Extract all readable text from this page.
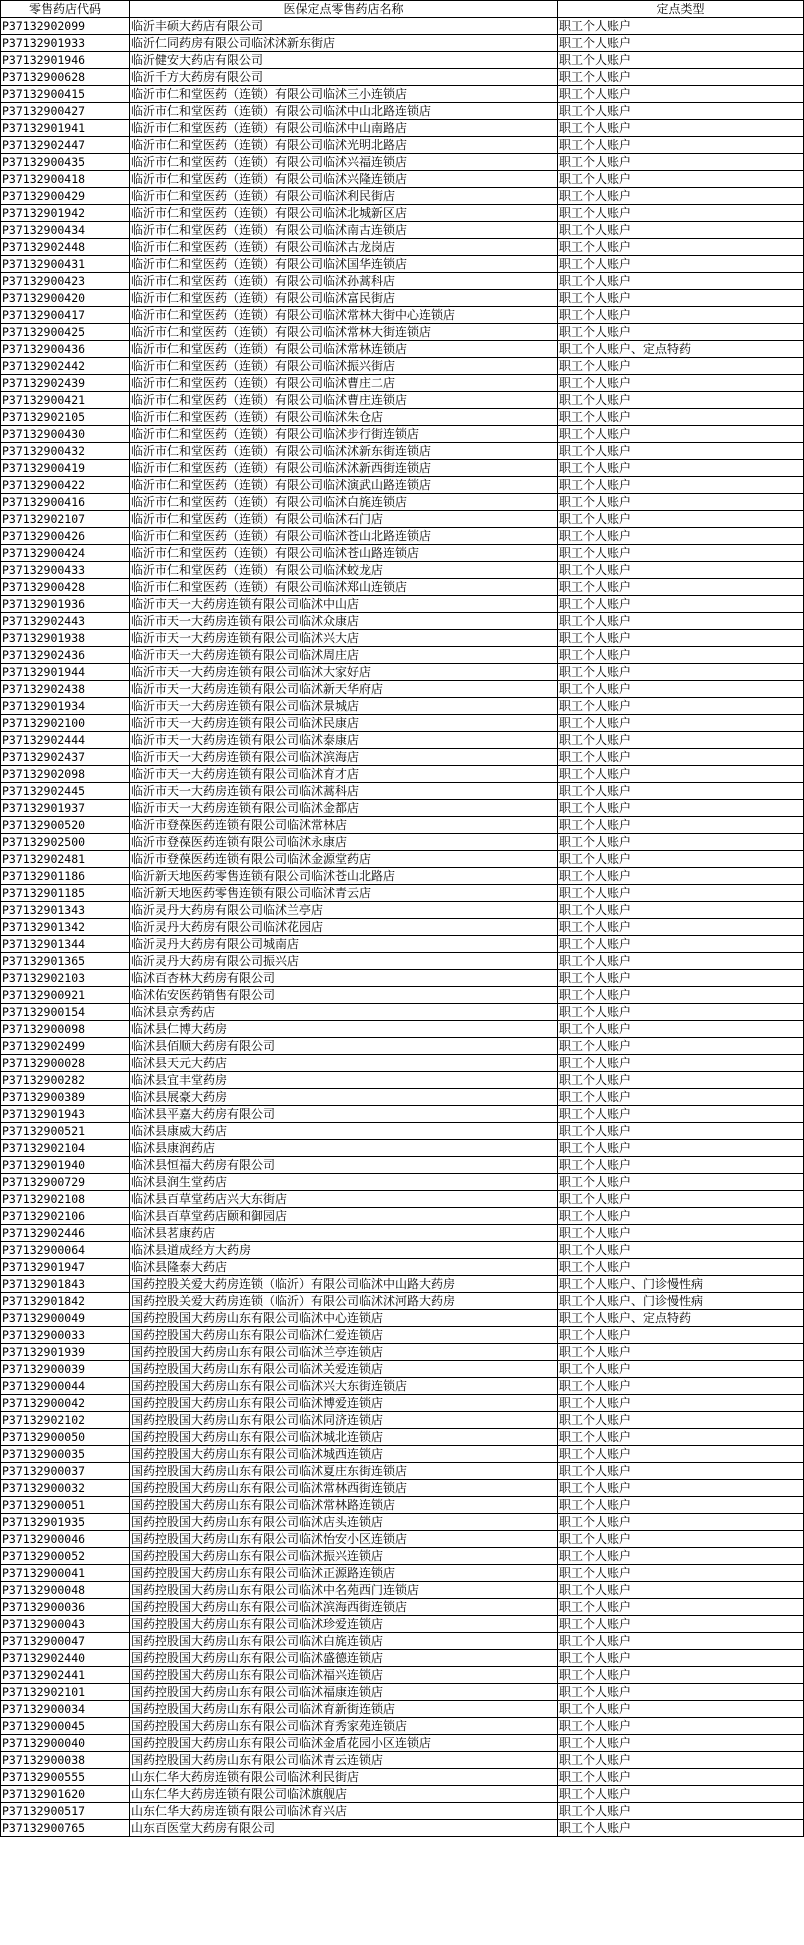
零售药店代码	医保定点零售药店名称	定点类型
P37132902099	临沂丰硕大药店有限公司	职工个人账户
P37132901933	临沂仁同药房有限公司临沭沭新东街店	职工个人账户
P37132901946	临沂健安大药店有限公司	职工个人账户
P37132900628	临沂千方大药房有限公司	职工个人账户
P37132900415	临沂市仁和堂医药（连锁）有限公司临沭三小连锁店	职工个人账户
P37132900427	临沂市仁和堂医药（连锁）有限公司临沭中山北路连锁店	职工个人账户
P37132901941	临沂市仁和堂医药（连锁）有限公司临沭中山南路店	职工个人账户
P37132902447	临沂市仁和堂医药（连锁）有限公司临沭光明北路店	职工个人账户
P37132900435	临沂市仁和堂医药（连锁）有限公司临沭兴福连锁店	职工个人账户
P37132900418	临沂市仁和堂医药（连锁）有限公司临沭兴隆连锁店	职工个人账户
P37132900429	临沂市仁和堂医药（连锁）有限公司临沭利民街店	职工个人账户
P37132901942	临沂市仁和堂医药（连锁）有限公司临沭北城新区店	职工个人账户
P37132900434	临沂市仁和堂医药（连锁）有限公司临沭南古连锁店	职工个人账户
P37132902448	临沂市仁和堂医药（连锁）有限公司临沭古龙岗店	职工个人账户
P37132900431	临沂市仁和堂医药（连锁）有限公司临沭国华连锁店	职工个人账户
P37132900423	临沂市仁和堂医药（连锁）有限公司临沭孙蒿科店	职工个人账户
P37132900420	临沂市仁和堂医药（连锁）有限公司临沭富民街店	职工个人账户
P37132900417	临沂市仁和堂医药（连锁）有限公司临沭常林大街中心连锁店	职工个人账户
P37132900425	临沂市仁和堂医药（连锁）有限公司临沭常林大街连锁店	职工个人账户
P37132900436	临沂市仁和堂医药（连锁）有限公司临沭常林连锁店	职工个人账户、定点特药
P37132902442	临沂市仁和堂医药（连锁）有限公司临沭振兴街店	职工个人账户
P37132902439	临沂市仁和堂医药（连锁）有限公司临沭曹庄二店	职工个人账户
P37132900421	临沂市仁和堂医药（连锁）有限公司临沭曹庄连锁店	职工个人账户
P37132902105	临沂市仁和堂医药（连锁）有限公司临沭朱仓店	职工个人账户
P37132900430	临沂市仁和堂医药（连锁）有限公司临沭步行街连锁店	职工个人账户
P37132900432	临沂市仁和堂医药（连锁）有限公司临沭沭新东街连锁店	职工个人账户
P37132900419	临沂市仁和堂医药（连锁）有限公司临沭沭新西街连锁店	职工个人账户
P37132900422	临沂市仁和堂医药（连锁）有限公司临沭演武山路连锁店	职工个人账户
P37132900416	临沂市仁和堂医药（连锁）有限公司临沭白旄连锁店	职工个人账户
P37132902107	临沂市仁和堂医药（连锁）有限公司临沭石门店	职工个人账户
P37132900426	临沂市仁和堂医药（连锁）有限公司临沭苍山北路连锁店	职工个人账户
P37132900424	临沂市仁和堂医药（连锁）有限公司临沭苍山路连锁店	职工个人账户
P37132900433	临沂市仁和堂医药（连锁）有限公司临沭蛟龙店	职工个人账户
P37132900428	临沂市仁和堂医药（连锁）有限公司临沭郑山连锁店	职工个人账户
P37132901936	临沂市天一大药房连锁有限公司临沭中山店	职工个人账户
P37132902443	临沂市天一大药房连锁有限公司临沭众康店	职工个人账户
P37132901938	临沂市天一大药房连锁有限公司临沭兴大店	职工个人账户
P37132902436	临沂市天一大药房连锁有限公司临沭周庄店	职工个人账户
P37132901944	临沂市天一大药房连锁有限公司临沭大家好店	职工个人账户
P37132902438	临沂市天一大药房连锁有限公司临沭新天华府店	职工个人账户
P37132901934	临沂市天一大药房连锁有限公司临沭景城店	职工个人账户
P37132902100	临沂市天一大药房连锁有限公司临沭民康店	职工个人账户
P37132902444	临沂市天一大药房连锁有限公司临沭泰康店	职工个人账户
P37132902437	临沂市天一大药房连锁有限公司临沭滨海店	职工个人账户
P37132902098	临沂市天一大药房连锁有限公司临沭育才店	职工个人账户
P37132902445	临沂市天一大药房连锁有限公司临沭蒿科店	职工个人账户
P37132901937	临沂市天一大药房连锁有限公司临沭金都店	职工个人账户
P37132900520	临沂市登葆医药连锁有限公司临沭常林店	职工个人账户
P37132902500	临沂市登葆医药连锁有限公司临沭永康店	职工个人账户
P37132902481	临沂市登葆医药连锁有限公司临沭金源堂药店	职工个人账户
P37132901186	临沂新天地医药零售连锁有限公司临沭苍山北路店	职工个人账户
P37132901185	临沂新天地医药零售连锁有限公司临沭青云店	职工个人账户
P37132901343	临沂灵丹大药房有限公司临沭兰亭店	职工个人账户
P37132901342	临沂灵丹大药房有限公司临沭花园店	职工个人账户
P37132901344	临沂灵丹大药房有限公司城南店	职工个人账户
P37132901365	临沂灵丹大药房有限公司振兴店	职工个人账户
P37132902103	临沭百杏林大药房有限公司	职工个人账户
P37132900921	临沭佑安医药销售有限公司	职工个人账户
P37132900154	临沭县京秀药店	职工个人账户
P37132900098	临沭县仁博大药房	职工个人账户
P37132902499	临沭县佰顺大药房有限公司	职工个人账户
P37132900028	临沭县天元大药店	职工个人账户
P37132900282	临沭县宜丰堂药房	职工个人账户
P37132900389	临沭县展豪大药房	职工个人账户
P37132901943	临沭县平嘉大药房有限公司	职工个人账户
P37132900521	临沭县康威大药店	职工个人账户
P37132902104	临沭县康润药店	职工个人账户
P37132901940	临沭县恒福大药房有限公司	职工个人账户
P37132900729	临沭县润生堂药店	职工个人账户
P37132902108	临沭县百草堂药店兴大东街店	职工个人账户
P37132902106	临沭县百草堂药店颐和御园店	职工个人账户
P37132902446	临沭县茗康药店	职工个人账户
P37132900064	临沭县道成经方大药房	职工个人账户
P37132901947	临沭县隆泰大药店	职工个人账户
P37132901843	国药控股关爱大药房连锁（临沂）有限公司临沭中山路大药房	职工个人账户、门诊慢性病
P37132901842	国药控股关爱大药房连锁（临沂）有限公司临沭沭河路大药房	职工个人账户、门诊慢性病
P37132900049	国药控股国大药房山东有限公司临沭中心连锁店	职工个人账户、定点特药
P37132900033	国药控股国大药房山东有限公司临沭仁爱连锁店	职工个人账户
P37132901939	国药控股国大药房山东有限公司临沭兰亭连锁店	职工个人账户
P37132900039	国药控股国大药房山东有限公司临沭关爱连锁店	职工个人账户
P37132900044	国药控股国大药房山东有限公司临沭兴大东街连锁店	职工个人账户
P37132900042	国药控股国大药房山东有限公司临沭博爱连锁店	职工个人账户
P37132902102	国药控股国大药房山东有限公司临沭同济连锁店	职工个人账户
P37132900050	国药控股国大药房山东有限公司临沭城北连锁店	职工个人账户
P37132900035	国药控股国大药房山东有限公司临沭城西连锁店	职工个人账户
P37132900037	国药控股国大药房山东有限公司临沭夏庄东街连锁店	职工个人账户
P37132900032	国药控股国大药房山东有限公司临沭常林西街连锁店	职工个人账户
P37132900051	国药控股国大药房山东有限公司临沭常林路连锁店	职工个人账户
P37132901935	国药控股国大药房山东有限公司临沭店头连锁店	职工个人账户
P37132900046	国药控股国大药房山东有限公司临沭怡安小区连锁店	职工个人账户
P37132900052	国药控股国大药房山东有限公司临沭振兴连锁店	职工个人账户
P37132900041	国药控股国大药房山东有限公司临沭正源路连锁店	职工个人账户
P37132900048	国药控股国大药房山东有限公司临沭中名苑西门连锁店	职工个人账户
P37132900036	国药控股国大药房山东有限公司临沭滨海西街连锁店	职工个人账户
P37132900043	国药控股国大药房山东有限公司临沭珍爱连锁店	职工个人账户
P37132900047	国药控股国大药房山东有限公司临沭白旄连锁店	职工个人账户
P37132902440	国药控股国大药房山东有限公司临沭盛德连锁店	职工个人账户
P37132902441	国药控股国大药房山东有限公司临沭福兴连锁店	职工个人账户
P37132902101	国药控股国大药房山东有限公司临沭福康连锁店	职工个人账户
P37132900034	国药控股国大药房山东有限公司临沭育新街连锁店	职工个人账户
P37132900045	国药控股国大药房山东有限公司临沭育秀家苑连锁店	职工个人账户
P37132900040	国药控股国大药房山东有限公司临沭金盾花园小区连锁店	职工个人账户
P37132900038	国药控股国大药房山东有限公司临沭青云连锁店	职工个人账户
P37132900555	山东仁华大药房连锁有限公司临沭利民街店	职工个人账户
P37132901620	山东仁华大药房连锁有限公司临沭旗舰店	职工个人账户
P37132900517	山东仁华大药房连锁有限公司临沭育兴店	职工个人账户
P37132900765	山东百医堂大药房有限公司	职工个人账户
